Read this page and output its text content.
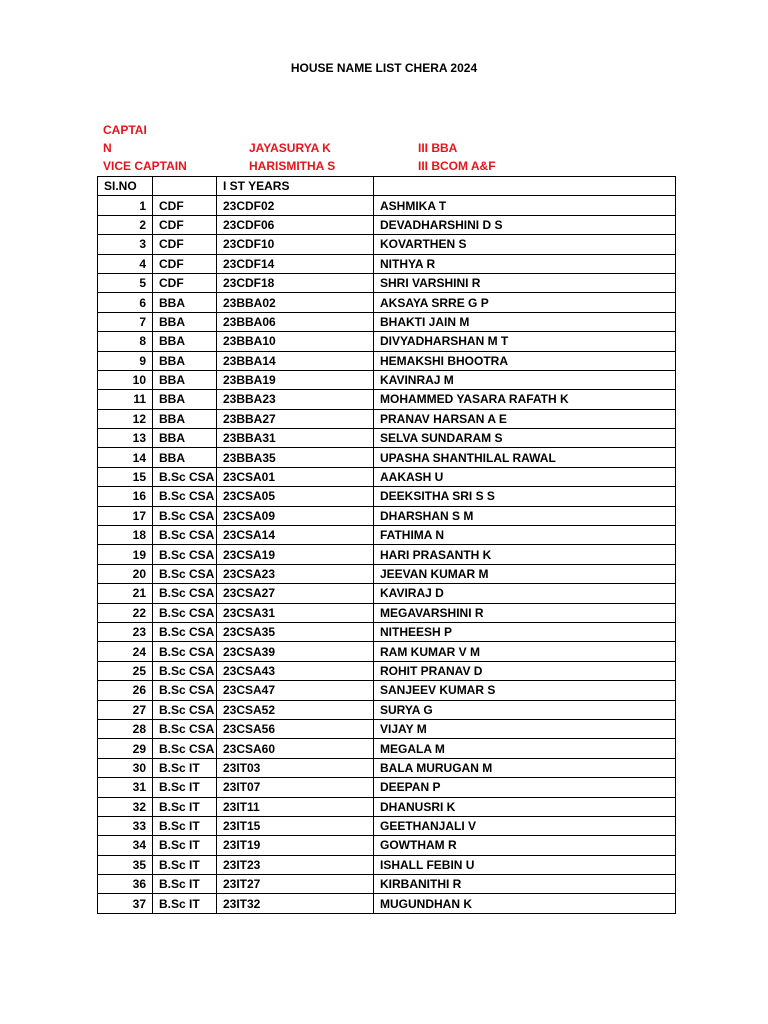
HOUSE NAME LIST CHERA 2024
CAPTAI
N	JAYASURYA K	III BBA
VICE CAPTAIN	HARISMITHA S	III BCOM A&F
SI.NO		I ST YEARS	
1	CDF	23CDF02	ASHMIKA T
2	CDF	23CDF06	DEVADHARSHINI D S
3	CDF	23CDF10	KOVARTHEN S
4	CDF	23CDF14	NITHYA R
5	CDF	23CDF18	SHRI VARSHINI R
6	BBA	23BBA02	AKSAYA SRRE G P
7	BBA	23BBA06	BHAKTI JAIN M
8	BBA	23BBA10	DIVYADHARSHAN M T
9	BBA	23BBA14	HEMAKSHI BHOOTRA
10	BBA	23BBA19	KAVINRAJ M
11	BBA	23BBA23	MOHAMMED YASARA RAFATH K
12	BBA	23BBA27	PRANAV HARSAN A E
13	BBA	23BBA31	SELVA SUNDARAM S
14	BBA	23BBA35	UPASHA SHANTHILAL RAWAL
15	B.Sc CSA	23CSA01	AAKASH U
16	B.Sc CSA	23CSA05	DEEKSITHA SRI S S
17	B.Sc CSA	23CSA09	DHARSHAN S M
18	B.Sc CSA	23CSA14	FATHIMA N
19	B.Sc CSA	23CSA19	HARI PRASANTH K
20	B.Sc CSA	23CSA23	JEEVAN KUMAR M
21	B.Sc CSA	23CSA27	KAVIRAJ D
22	B.Sc CSA	23CSA31	MEGAVARSHINI R
23	B.Sc CSA	23CSA35	NITHEESH P
24	B.Sc CSA	23CSA39	RAM KUMAR V M
25	B.Sc CSA	23CSA43	ROHIT PRANAV D
26	B.Sc CSA	23CSA47	SANJEEV KUMAR S
27	B.Sc CSA	23CSA52	SURYA G
28	B.Sc CSA	23CSA56	VIJAY M
29	B.Sc CSA	23CSA60	MEGALA M
30	B.Sc IT	23IT03	BALA MURUGAN M
31	B.Sc IT	23IT07	DEEPAN P
32	B.Sc IT	23IT11	DHANUSRI K
33	B.Sc IT	23IT15	GEETHANJALI V
34	B.Sc IT	23IT19	GOWTHAM R
35	B.Sc IT	23IT23	ISHALL FEBIN U
36	B.Sc IT	23IT27	KIRBANITHI R
37	B.Sc IT	23IT32	MUGUNDHAN K
